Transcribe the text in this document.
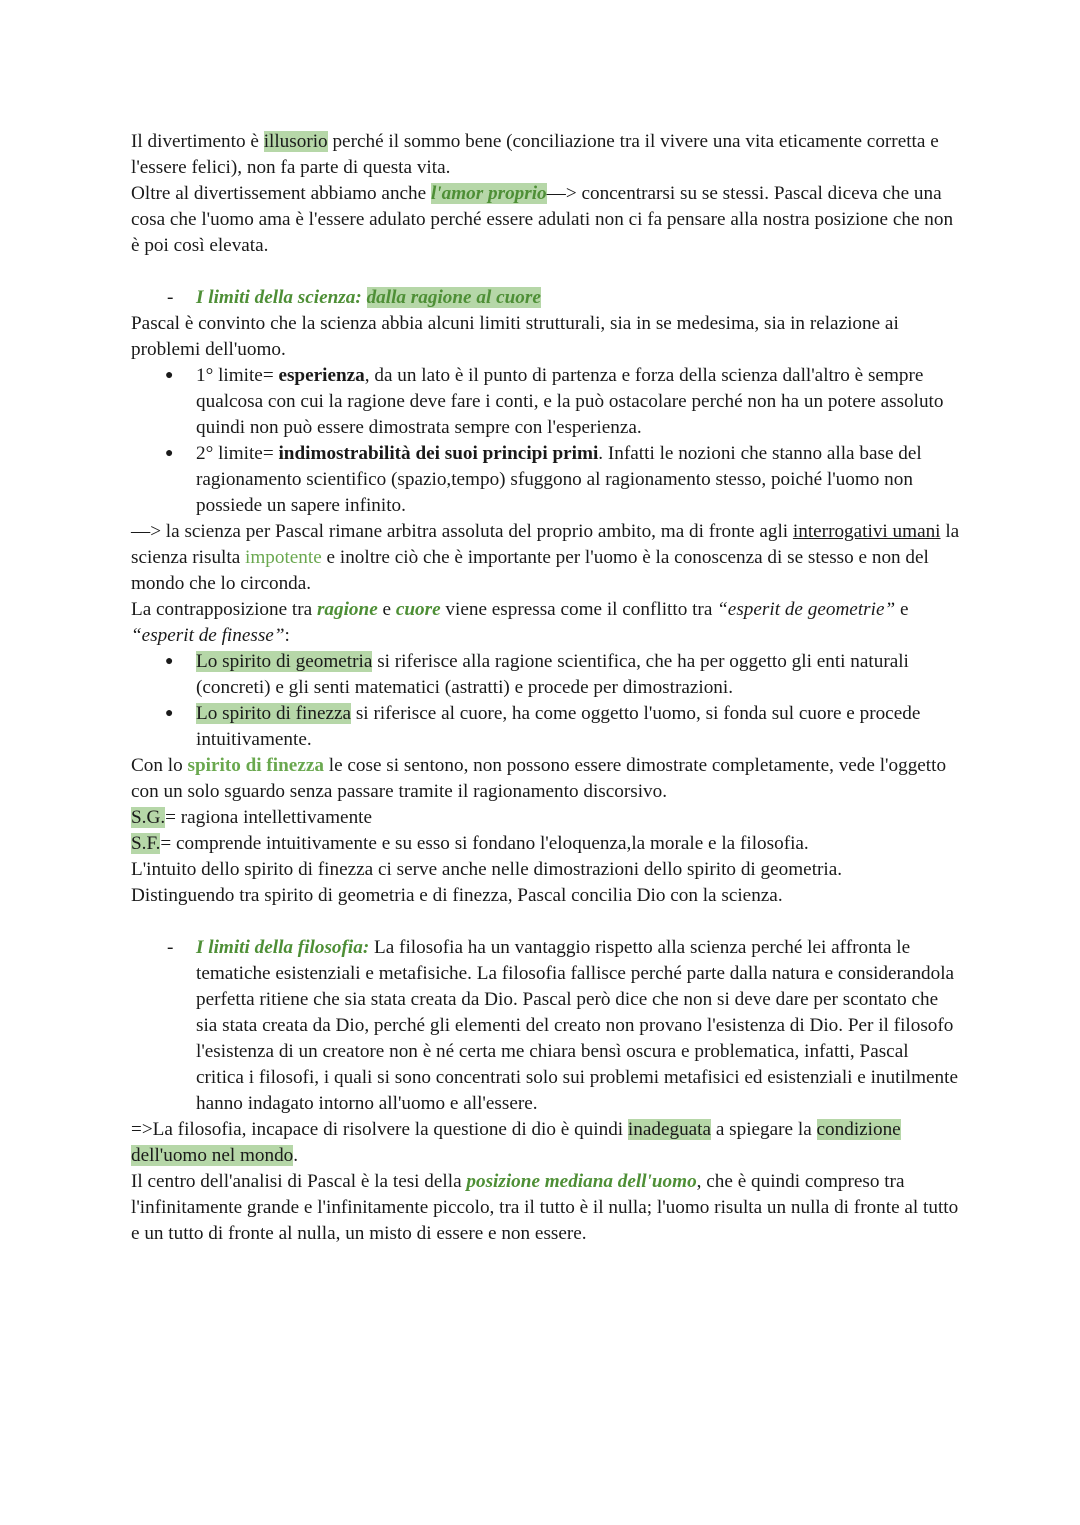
Il divertimento è illusorio perché il sommo bene (conciliazione tra il vivere una vita eticamente corretta e l'essere felici), non fa parte di questa vita.

Oltre al divertissement abbiamo anche l'amor proprio—> concentrarsi su se stessi. Pascal diceva che una cosa che l'uomo ama è l'essere adulato perché essere adulati non ci fa pensare alla nostra posizione che non è poi così elevata.

- I limiti della scienza: dalla ragione al cuore

Pascal è convinto che la scienza abbia alcuni limiti strutturali, sia in se medesima, sia in relazione ai problemi dell'uomo.

● 1° limite= esperienza, da un lato è il punto di partenza e forza della scienza dall'altro è sempre qualcosa con cui la ragione deve fare i conti, e la può ostacolare perché non ha un potere assoluto quindi non può essere dimostrata sempre con l'esperienza.
● 2° limite= indimostrabilità dei suoi principi primi. Infatti le nozioni che stanno alla base del ragionamento scientifico (spazio,tempo) sfuggono al ragionamento stesso, poiché l'uomo non possiede un sapere infinito.

—> la scienza per Pascal rimane arbitra assoluta del proprio ambito, ma di fronte agli interrogativi umani la scienza risulta impotente e inoltre ciò che è importante per l'uomo è la conoscenza di se stesso e non del mondo che lo circonda.

La contrapposizione tra ragione e cuore viene espressa come il conflitto tra “esperit de geometrie” e “esperit de finesse”:

● Lo spirito di geometria si riferisce alla ragione scientifica, che ha per oggetto gli enti naturali (concreti) e gli senti matematici (astratti) e procede per dimostrazioni.
● Lo spirito di finezza si riferisce al cuore, ha come oggetto l'uomo, si fonda sul cuore e procede intuitivamente.

Con lo spirito di finezza le cose si sentono, non possono essere dimostrate completamente, vede l'oggetto con un solo sguardo senza passare tramite il ragionamento discorsivo.

S.G.= ragiona intellettivamente

S.F.= comprende intuitivamente e su esso si fondano l'eloquenza,la morale e la filosofia.

L'intuito dello spirito di finezza ci serve anche nelle dimostrazioni dello spirito di geometria.

Distinguendo tra spirito di geometria e di finezza, Pascal concilia Dio con la scienza.

- I limiti della filosofia: La filosofia ha un vantaggio rispetto alla scienza perché lei affronta le tematiche esistenziali e metafisiche. La filosofia fallisce perché parte dalla natura e considerandola perfetta ritiene che sia stata creata da Dio. Pascal però dice che non si deve dare per scontato che sia stata creata da Dio, perché gli elementi del creato non provano l'esistenza di Dio. Per il filosofo l'esistenza di un creatore non è né certa me chiara bensì oscura e problematica, infatti, Pascal critica i filosofi, i quali si sono concentrati solo sui problemi metafisici ed esistenziali e inutilmente hanno indagato intorno all'uomo e all'essere.

=>La filosofia, incapace di risolvere la questione di dio è quindi inadeguata a spiegare la condizione dell'uomo nel mondo.

Il centro dell'analisi di Pascal è la tesi della posizione mediana dell'uomo, che è quindi compreso tra l'infinitamente grande e l'infinitamente piccolo, tra il tutto è il nulla; l'uomo risulta un nulla di fronte al tutto e un tutto di fronte al nulla, un misto di essere e non essere.
